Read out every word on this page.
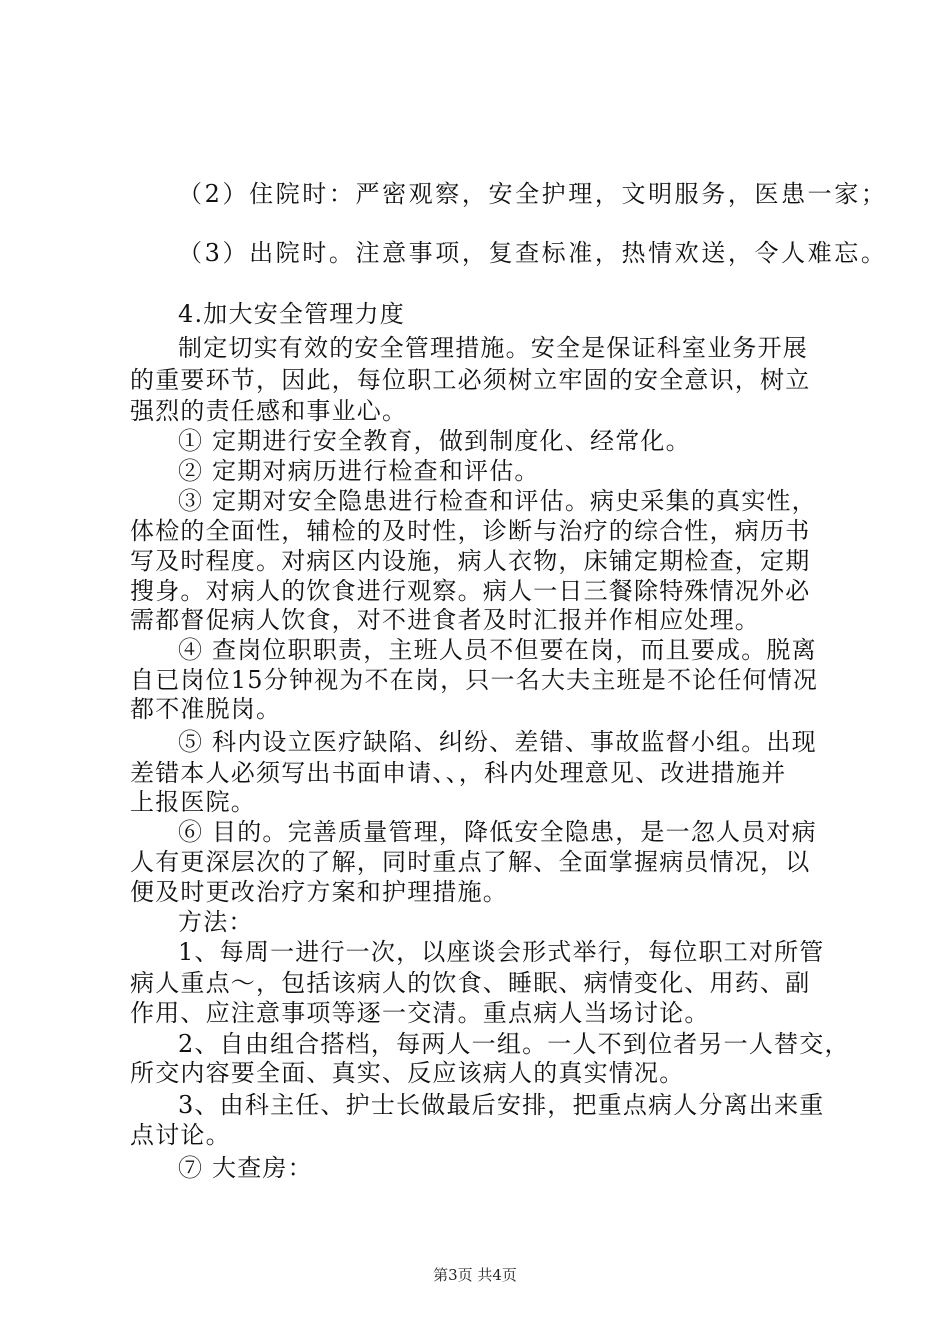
（2）住院时：严密观察，安全护理，文明服务，医患一家；

（3）出院时。注意事项，复查标准，热情欢送，令人难忘。

4.加大安全管理力度

制定切实有效的安全管理措施。安全是保证科室业务开展

的重要环节，因此，每位职工必须树立牢固的安全意识，树立

强烈的责任感和事业心。

① 定期进行安全教育，做到制度化、经常化。

② 定期对病历进行检查和评估。

③ 定期对安全隐患进行检查和评估。病史采集的真实性，

体检的全面性，辅检的及时性，诊断与治疗的综合性，病历书

写及时程度。对病区内设施，病人衣物，床铺定期检查，定期

搜身。对病人的饮食进行观察。病人一日三餐除特殊情况外必

需都督促病人饮食，对不进食者及时汇报并作相应处理。

④ 查岗位职职责，主班人员不但要在岗，而且要成。脱离

自已岗位15分钟视为不在岗，只一名大夫主班是不论任何情况

都不准脱岗。

⑤ 科内设立医疗缺陷、纠纷、差错、事故监督小组。出现

差错本人必须写出书面申请、、，科内处理意见、改进措施并

上报医院。

⑥ 目的。完善质量管理，降低安全隐患，是一忽人员对病

人有更深层次的了解，同时重点了解、全面掌握病员情况，以

便及时更改治疗方案和护理措施。

方法：

1、每周一进行一次，以座谈会形式举行，每位职工对所管

病人重点～，包括该病人的饮食、睡眠、病情变化、用药、副

作用、应注意事项等逐一交清。重点病人当场讨论。

2、自由组合搭档，每两人一组。一人不到位者另一人替交，

所交内容要全面、真实、反应该病人的真实情况。

3、由科主任、护士长做最后安排，把重点病人分离出来重

点讨论。

⑦ 大查房：

第3页 共4页
